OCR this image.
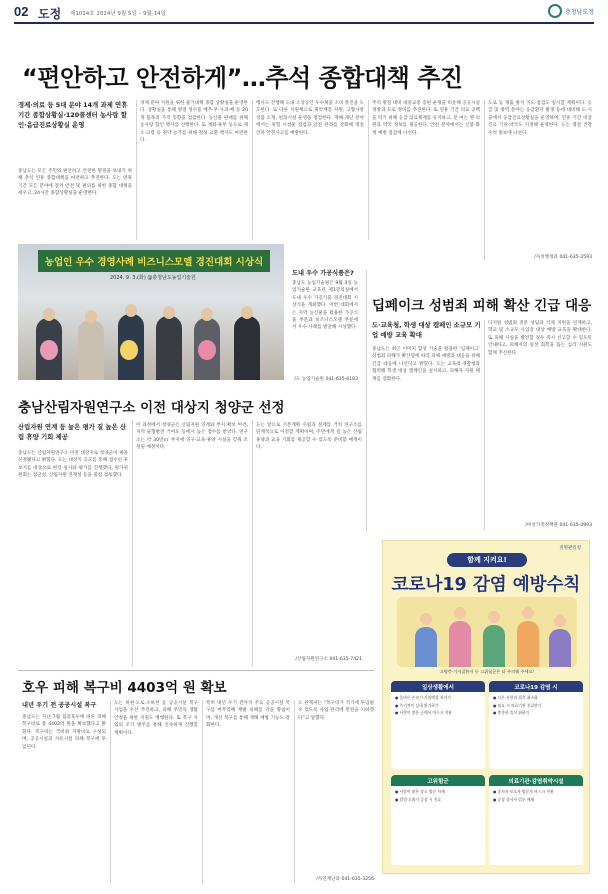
02 도정 제1014호 2024년 9월 5일 – 9월 14일	충청남도정
“편안하고 안전하게”…추석 종합대책 추진
경제·의료 등 5대 분야 14개 과제 연휴기간 종합상황실·120콜센터 농사랑 할인·음급진료상황실 운영
충남도는 모든 주민의 편안하고 안전한 명절을 보내기 위해 추석 연휴 종합대책을 마련하고 추진한다. 도는 연휴 기간 모든 분야에 걸쳐 안전 및 편의를 위한 종합 대책을 세우고, 24시간 종합상황실을 운영한다.
경제 분야 지원을 위한 물가대책 종합 상황실을 운영한다. 상황실을 통해 명절 성수품 배추·무·사과·배 등 20개 품목의 가격 동향을 점검한다. 농산물 판매를 위해 농사랑 할인 행사를 진행한다. 또 계좌·휴무 등으로 재소·고령 등 취약 농가를 위해 정성 교환 행사도 마련한다.
행사도 진행해 도내 소상공인 우수제품 소비 촉진을 도모한다. 또 다른 지원책으로 취약계층 지원, 고향사랑 상품 소개, 편의시설 운영을 점검한다. 재해·재난 분야에서는 위험 시설물 점검과 안전 관리를 강화해 명절 인파 안전사고를 예방한다.
추석 명절 대비 대중교통 증편 운행을 비롯해 공공시설 개방과 도로 정비를 추진한다. 또 연휴 기간 의료 공백을 막기 위해 응급 의료체계를 유지하고, 문 여는 병·의원과 약국 정보를 제공한다. 안전 분야에서는 산불·화재 예방 점검에 나선다.
도로 등 제출 방지 지도·점검도 실시할 계획이다. 응급 및 방역 분야는 응급환자 발생 등에 대비해 도·시군에서 응급진료상황실을 운영하며, 연휴 기간 비상 진료 기관·약국도 지정해 운영한다. 도는 명절 건강 수칙 홍보에 나선다.
/자치행정과 041-635-3593
농업인 우수 경영사례 비즈니스모델 경진대회 시상식
2024. 9. 3.(화) @충청남도농업기술원
도내 우수 가공식품은?
충남도 농업기술원은 9월 3일 농업기술원 교육관 제1강의실에서 도내 우수 가공식품 경진대회 시상식을 개최했다. 이번 대회에서는 지역 농산물을 활용한 가공식품 부문과 비즈니스모델 부문에서 우수 사례를 발굴해 시상했다.
/도 농업기술원 041-635-6183
딥페이크 성범죄 피해 확산 긴급 대응
도·교육청, 학생 대상 캠페인 소규모 기업 예방 교육 확대
충남도는 최근 이미지 합성 기술을 활용한 ‘딥페이크’ 성범죄 피해가 확산됨에 따라 피해 예방과 대응을 위해 긴급 대응에 나선다고 밝혔다. 도는 교육청·경찰청과 협력해 학생 대상 캠페인을 실시하고, 피해자 지원 체계를 강화한다.
디지털 성범죄 전문 상담과 삭제 지원을 연계하고, 학교 및 소규모 사업장 대상 예방 교육을 확대한다. 또 피해 사실을 발견할 경우 즉시 신고할 수 있도록 안내하고, 피해자의 일상 회복을 돕는 심리 지원도 함께 추진한다.
/여성가족정책관 041-635-4993
충남산림자원연구소 이전 대상지 청양군 선정
산림자원 연계 등 높은 평가 질 높은 산림 휴양 기회 제공
충남도는 산림자원연구소 이전 대상지로 청양군이 최종 선정됐다고 밝혔다. 도는 대상지 공모를 통해 접수된 후보지를 대상으로 현장 실사와 평가를 진행했다. 평가위원회는 접근성, 산림자원 연계성 등을 중점 검토했다.
이 과정에서 청양군은 산림자원 연계와 부지 확보 여건, 지역 균형발전 기여도 등에서 높은 점수를 받았다. 연구소는 약 30만㎡ 부지에 연구·교육·휴양 시설을 갖춰 조성될 예정이다.
도는 앞으로 기본계획 수립과 설계를 거쳐 연구소를 단계적으로 이전할 계획이며, 주민에게 질 높은 산림 휴양과 교육 기회를 제공할 수 있도록 준비할 예정이다.
/산림자원연구소 041-635-7421
호우 피해 복구비 4403억 원 확보
내년 우기 전 공공시설 복구
충남도는 지난 7월 집중호우에 따른 피해 복구비로 총 4403억 원을 확보했다고 밝혔다. 복구비는 국비와 지방비로 구성되며, 공공시설과 사유시설 피해 복구에 투입된다.
도는 하천·도로·소하천 등 공공시설 복구 사업을 우선 추진하고, 피해 주민의 생활 안정을 위한 지원도 병행한다. 또 복구 사업의 조기 발주를 통해 신속하게 진행할 계획이다.
특히 내년 우기 전까지 주요 공공시설 복구를 마무리해 재발 피해를 막을 방침이며, 개선 복구를 통해 재해 예방 기능도 강화한다.
도 관계자는 “복구비가 적기에 투입될 수 있도록 사업 관리에 만전을 기하겠다”고 말했다.
/자연재난과 041-635-3256
질병관리청
함께 지켜요!
코로나19 감염 예방수칙
고령층·기저질환자 등 고위험군은 더 주의해 주세요!
일상생활에서
● 올바른 손씻기·기침예절 지키기
● 주기적인 실내 환기하기
● 사람이 많은 곳에서 마스크 착용
코로나19 감염 시
● 다른 사람과 접촉 최소화
● 필요 시 의료기관 진료받기
● 충분한 휴식 취하기
고위험군
● 사람이 많은 장소 방문 자제
● 발열·호흡기 증상 시 진료
의료기관·감염취약시설
● 종사자·보호자·방문자 마스크 착용
● 증상 종사자 업무 배제
